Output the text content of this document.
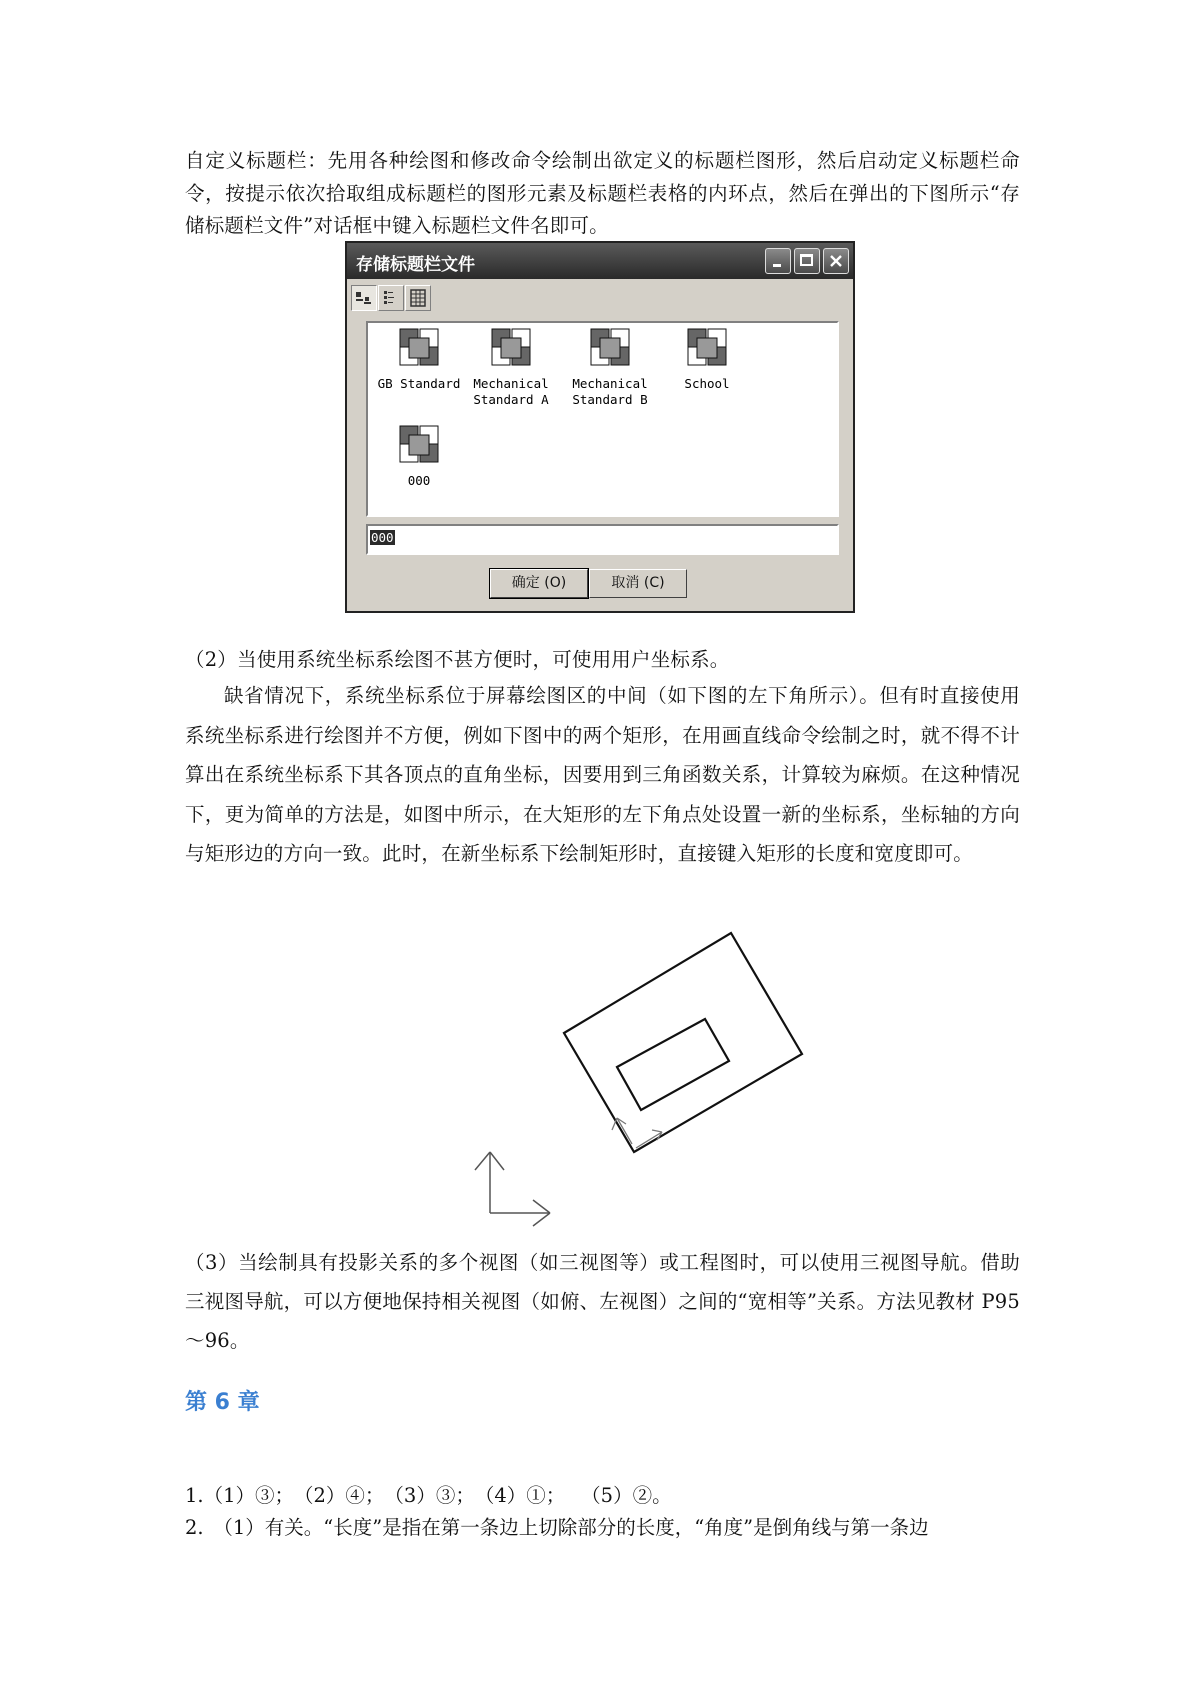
自定义标题栏：先用各种绘图和修改命令绘制出欲定义的标题栏图形，然后启动定义标题栏命令，按提示依次拾取组成标题栏的图形元素及标题栏表格的内环点，然后在弹出的下图所示“存储标题栏文件”对话框中键入标题栏文件名即可。

存储标题栏文件
GB Standard	Mechanical
Standard A
Mechanical
Standard B
School
000
000
确定 (O)	取消 (C)

（2）当使用系统坐标系绘图不甚方便时，可使用用户坐标系。

缺省情况下，系统坐标系位于屏幕绘图区的中间（如下图的左下角所示）。但有时直接使用系统坐标系进行绘图并不方便，例如下图中的两个矩形，在用画直线命令绘制之时，就不得不计算出在系统坐标系下其各顶点的直角坐标，因要用到三角函数关系，计算较为麻烦。在这种情况下，更为简单的方法是，如图中所示，在大矩形的左下角点处设置一新的坐标系，坐标轴的方向与矩形边的方向一致。此时，在新坐标系下绘制矩形时，直接键入矩形的长度和宽度即可。

（3）当绘制具有投影关系的多个视图（如三视图等）或工程图时，可以使用三视图导航。借助三视图导航，可以方便地保持相关视图（如俯、左视图）之间的“宽相等”关系。方法见教材 P95～96。

第 6 章

1.（1）③；　（2）④；　（3）③；　（4）①；　 （5）②。

2.　（1）有关。“长度”是指在第一条边上切除部分的长度，“角度”是倒角线与第一条边
